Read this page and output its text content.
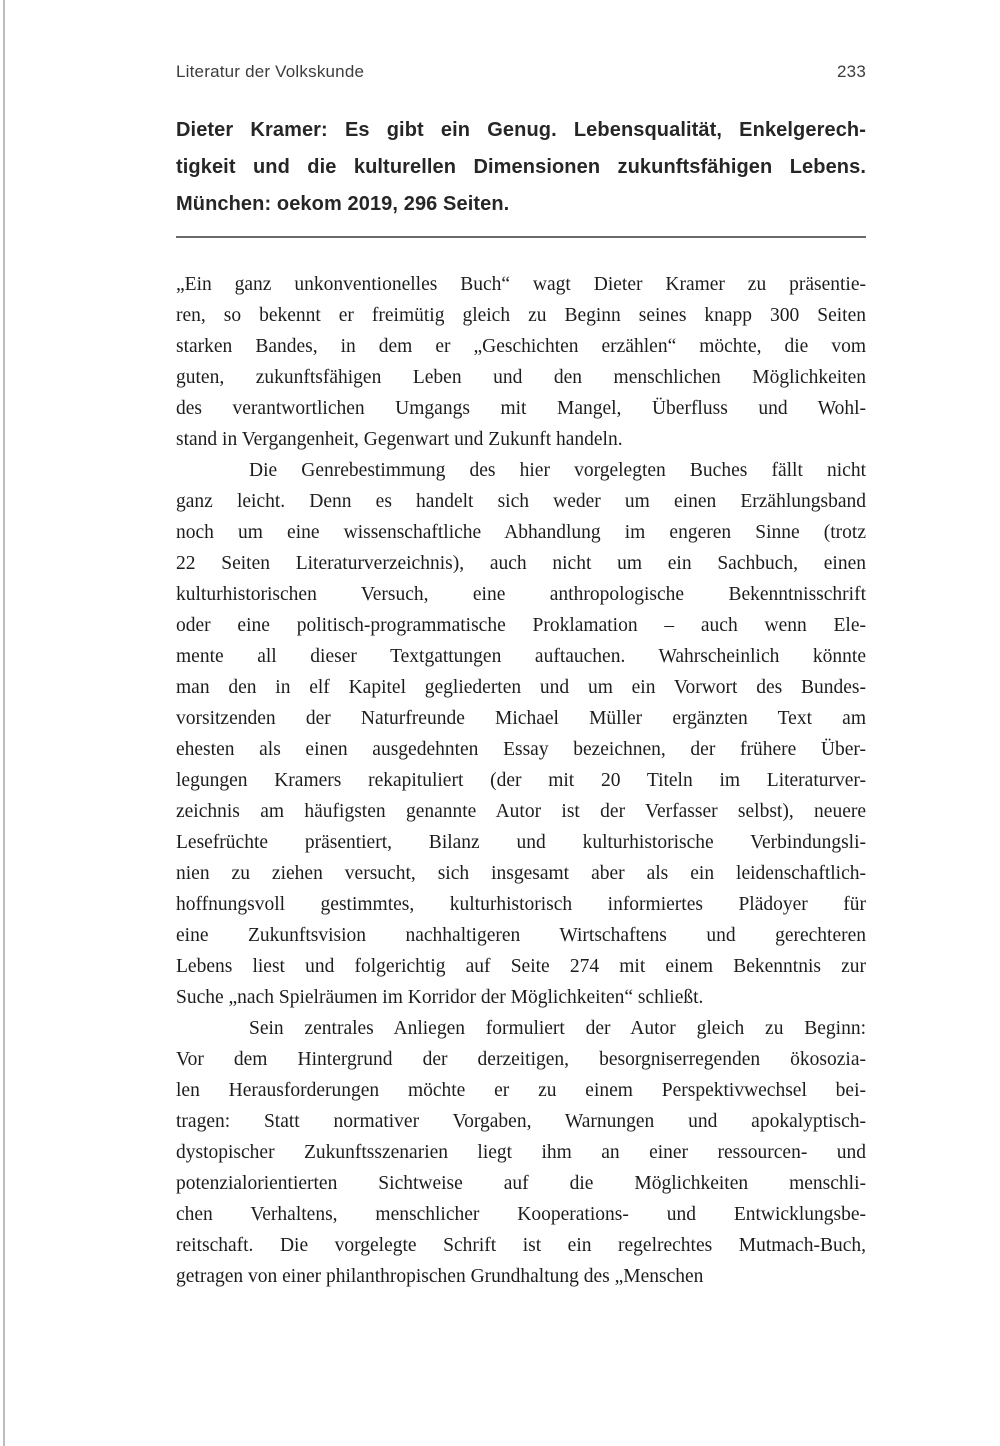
Literatur der Volkskunde	233
Dieter Kramer: Es gibt ein Genug. Lebensqualität, Enkelgerech-
tigkeit und die kulturellen Dimensionen zukunftsfähigen Lebens.
München: oekom 2019, 296 Seiten.
„Ein ganz unkonventionelles Buch“ wagt Dieter Kramer zu präsentie-
ren, so bekennt er freimütig gleich zu Beginn seines knapp 300 Seiten
starken Bandes, in dem er „Geschichten erzählen“ möchte, die vom
guten, zukunftsfähigen Leben und den menschlichen Möglichkeiten
des verantwortlichen Umgangs mit Mangel, Überfluss und Wohl-
stand in Vergangenheit, Gegenwart und Zukunft handeln.
Die Genrebestimmung des hier vorgelegten Buches fällt nicht
ganz leicht. Denn es handelt sich weder um einen Erzählungsband
noch um eine wissenschaftliche Abhandlung im engeren Sinne (trotz
22 Seiten Literaturverzeichnis), auch nicht um ein Sachbuch, einen
kulturhistorischen Versuch, eine anthropologische Bekenntnisschrift
oder eine politisch-programmatische Proklamation – auch wenn Ele-
mente all dieser Textgattungen auftauchen. Wahrscheinlich könnte
man den in elf Kapitel gegliederten und um ein Vorwort des Bundes-
vorsitzenden der Naturfreunde Michael Müller ergänzten Text am
ehesten als einen ausgedehnten Essay bezeichnen, der frühere Über-
legungen Kramers rekapituliert (der mit 20 Titeln im Literaturver-
zeichnis am häufigsten genannte Autor ist der Verfasser selbst), neuere
Lesefrüchte präsentiert, Bilanz und kulturhistorische Verbindungsli-
nien zu ziehen versucht, sich insgesamt aber als ein leidenschaftlich-
hoffnungsvoll gestimmtes, kulturhistorisch informiertes Plädoyer für
eine Zukunftsvision nachhaltigeren Wirtschaftens und gerechteren
Lebens liest und folgerichtig auf Seite 274 mit einem Bekenntnis zur
Suche „nach Spielräumen im Korridor der Möglichkeiten“ schließt.
Sein zentrales Anliegen formuliert der Autor gleich zu Beginn:
Vor dem Hintergrund der derzeitigen, besorgniserregenden ökosozia-
len Herausforderungen möchte er zu einem Perspektivwechsel bei-
tragen: Statt normativer Vorgaben, Warnungen und apokalyptisch-
dystopischer Zukunftsszenarien liegt ihm an einer ressourcen- und
potenzialorientierten Sichtweise auf die Möglichkeiten menschli-
chen Verhaltens, menschlicher Kooperations- und Entwicklungsbe-
reitschaft. Die vorgelegte Schrift ist ein regelrechtes Mutmach-Buch,
getragen von einer philanthropischen Grundhaltung des „Menschen
